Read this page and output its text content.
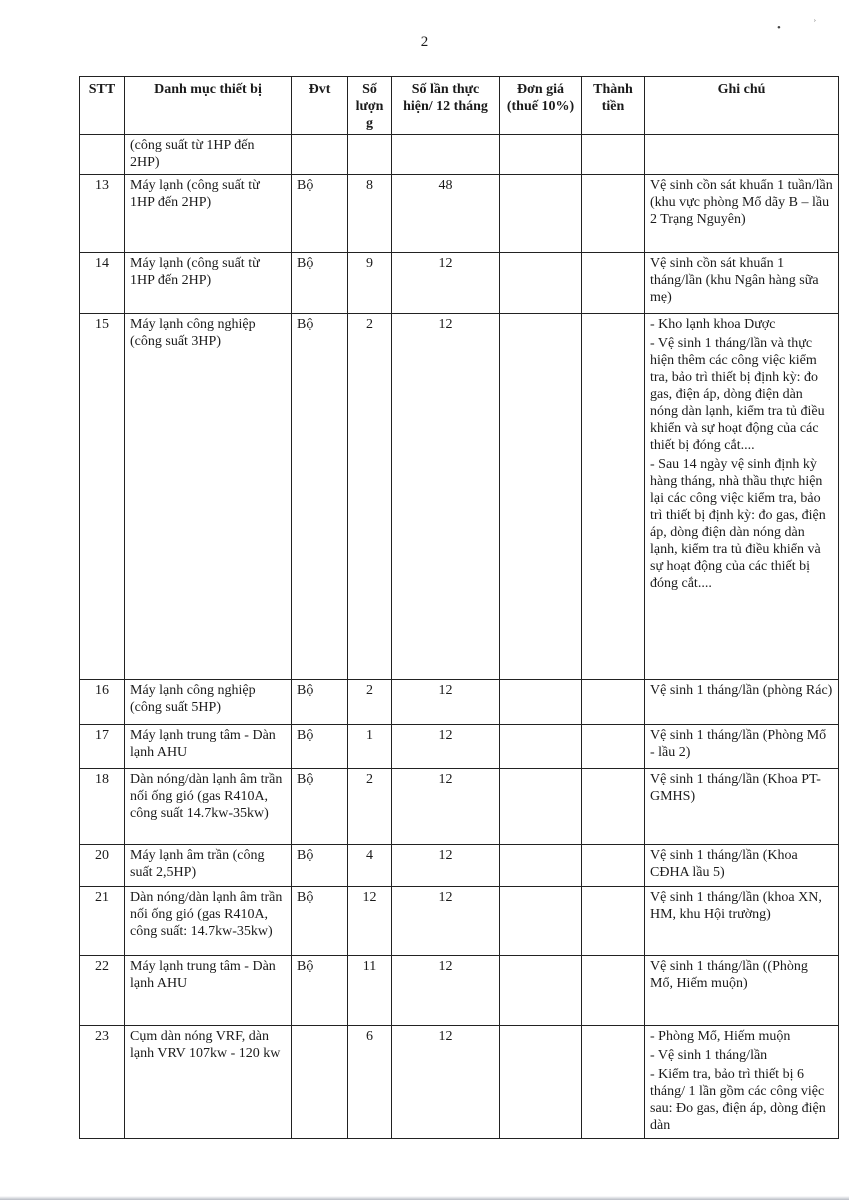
2
•	ʾ
STT	Danh mục thiết bị	Đvt	Số lượng	Số lần thực hiện/ 12 tháng	Đơn giá (thuế 10%)	Thành tiền	Ghi chú
	(công suất từ 1HP đến 2HP)						
13	Máy lạnh (công suất từ 1HP đến 2HP)	Bộ	8	48			Vệ sinh cồn sát khuẩn 1 tuần/lần (khu vực phòng Mổ dãy B – lầu 2 Trạng Nguyên)

14	Máy lạnh (công suất từ 1HP đến 2HP)	Bộ	9	12			Vệ sinh cồn sát khuẩn 1 tháng/lần (khu Ngân hàng sữa mẹ)

15	Máy lạnh công nghiệp (công suất 3HP)	Bộ	2	12			- Kho lạnh khoa Dược
- Vệ sinh 1 tháng/lần và thực hiện thêm các công việc kiểm tra, bảo trì thiết bị định kỳ: đo gas, điện áp, dòng điện dàn nóng dàn lạnh, kiểm tra tủ điều khiển và sự hoạt động của các thiết bị đóng cắt....
- Sau 14 ngày vệ sinh định kỳ hàng tháng, nhà thầu thực hiện lại các công việc kiểm tra, bảo trì thiết bị định kỳ: đo gas, điện áp, dòng điện dàn nóng dàn lạnh, kiểm tra tủ điều khiển và sự hoạt động của các thiết bị đóng cắt....

16	Máy lạnh công nghiệp (công suất 5HP)	Bộ	2	12			Vệ sinh 1 tháng/lần (phòng Rác)

17	Máy lạnh trung tâm - Dàn lạnh AHU	Bộ	1	12			Vệ sinh 1 tháng/lần (Phòng Mổ - lầu 2)

18	Dàn nóng/dàn lạnh âm trần nối ống gió (gas R410A, công suất 14.7kw-35kw)	Bộ	2	12			Vệ sinh 1 tháng/lần (Khoa PT-GMHS)

20	Máy lạnh âm trần (công suất 2,5HP)	Bộ	4	12			Vệ sinh 1 tháng/lần (Khoa CĐHA lầu 5)

21	Dàn nóng/dàn lạnh âm trần nối ống gió (gas R410A, công suất: 14.7kw-35kw)	Bộ	12	12			Vệ sinh 1 tháng/lần (khoa XN, HM, khu Hội trường)

22	Máy lạnh trung tâm - Dàn lạnh AHU	Bộ	11	12			Vệ sinh 1 tháng/lần ((Phòng Mổ, Hiếm muộn)

23	Cụm dàn nóng VRF, dàn lạnh VRV 107kw - 120 kw		6	12			- Phòng Mổ, Hiếm muộn
- Vệ sinh 1 tháng/lần
- Kiểm tra, bảo trì thiết bị 6 tháng/ 1 lần gồm các công việc sau: Đo gas, điện áp, dòng điện dàn
